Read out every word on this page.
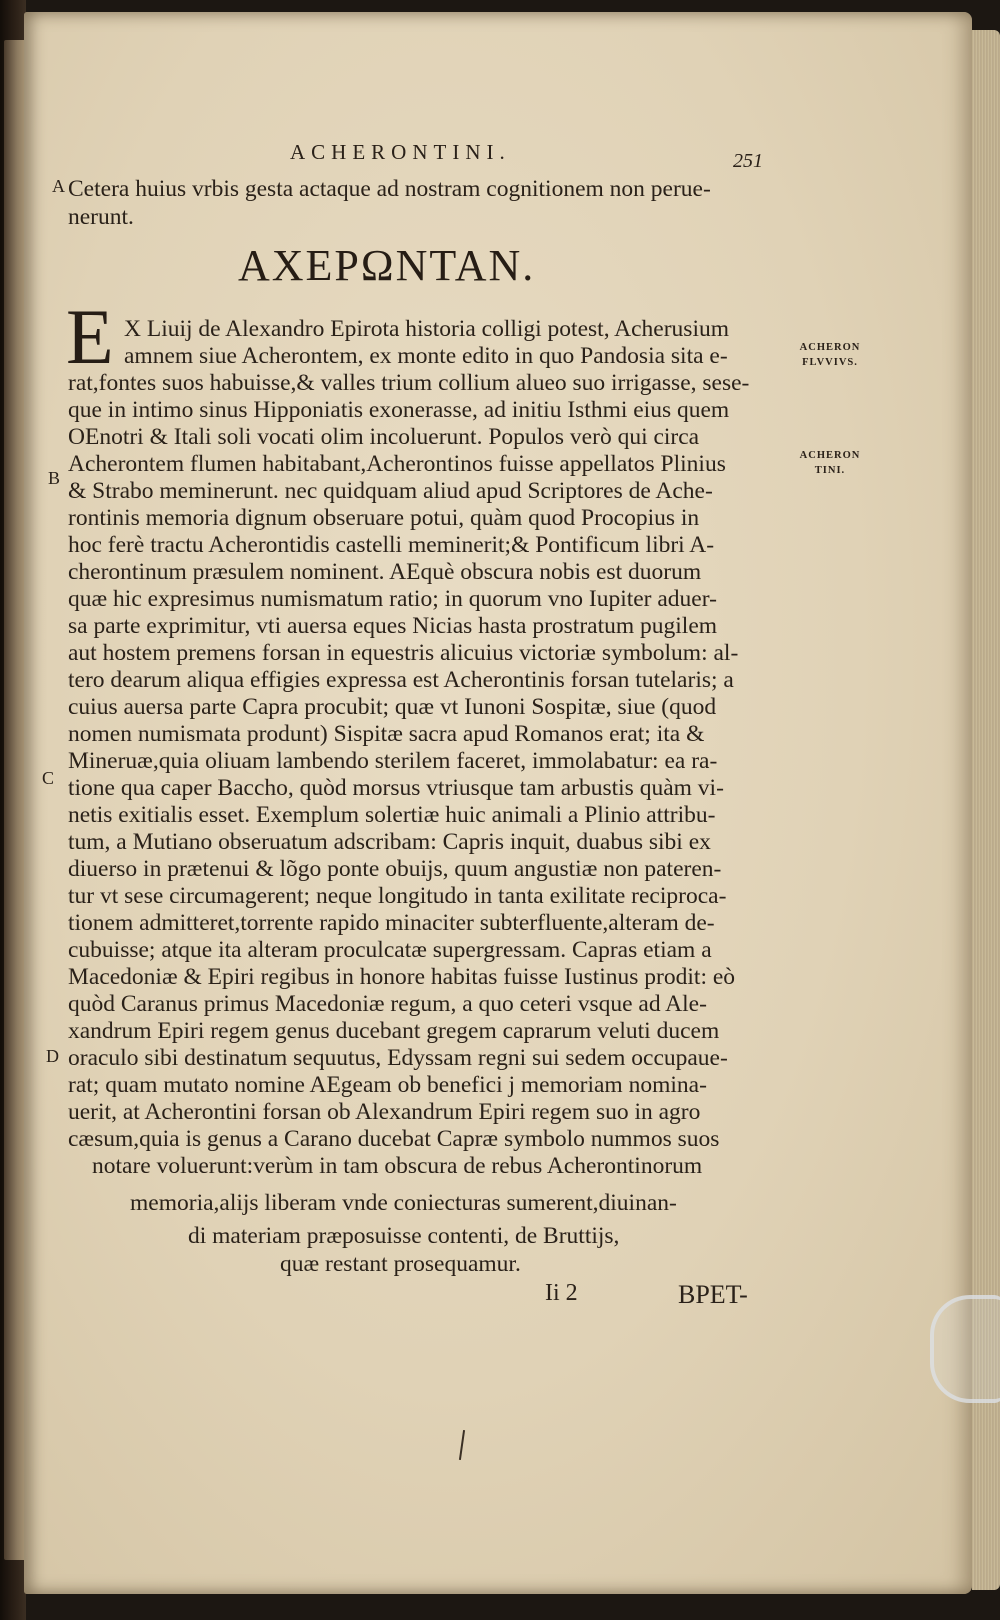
ACHERONTINI.	251
A
B
C
D
Cetera huius vrbis gesta actaque ad nostram cognitionem non perue-
nerunt.
ΑΧΕΡΩΝΤΑΝ.
E	ACHERON
FLVVIVS.
ACHERON
TINI.
X Liuij de Alexandro Epirota historia colligi potest, Acherusium
amnem siue Acherontem, ex monte edito in quo Pandosia sita e-
rat,fontes suos habuisse,& valles trium collium alueo suo irrigasse, sese-
que in intimo sinus Hipponiatis exonerasse, ad initiu Isthmi eius quem
OEnotri & Itali soli vocati olim incoluerunt. Populos verò qui circa
Acherontem flumen habitabant,Acherontinos fuisse appellatos Plinius
& Strabo meminerunt. nec quidquam aliud apud Scriptores de Ache-
rontinis memoria dignum obseruare potui, quàm quod Procopius in
hoc ferè tractu Acherontidis castelli meminerit;& Pontificum libri A-
cherontinum præsulem nominent. AEquè obscura nobis est duorum
quæ hic expresimus numismatum ratio; in quorum vno Iupiter aduer-
sa parte exprimitur, vti auersa eques Nicias hasta prostratum pugilem
aut hostem premens forsan in equestris alicuius victoriæ symbolum: al-
tero dearum aliqua effigies expressa est Acherontinis forsan tutelaris; a
cuius auersa parte Capra procubit; quæ vt Iunoni Sospitæ, siue (quod
nomen numismata produnt) Sispitæ sacra apud Romanos erat; ita &
Mineruæ,quia oliuam lambendo sterilem faceret, immolabatur: ea ra-
tione qua caper Baccho, quòd morsus vtriusque tam arbustis quàm vi-
netis exitialis esset. Exemplum solertiæ huic animali a Plinio attribu-
tum, a Mutiano obseruatum adscribam: Capris inquit, duabus sibi ex
diuerso in prætenui & lõgo ponte obuijs, quum angustiæ non pateren-
tur vt sese circumagerent; neque longitudo in tanta exilitate reciproca-
tionem admitteret,torrente rapido minaciter subterfluente,alteram de-
cubuisse; atque ita alteram proculcatæ supergressam. Capras etiam a
Macedoniæ & Epiri regibus in honore habitas fuisse Iustinus prodit: eò
quòd Caranus primus Macedoniæ regum, a quo ceteri vsque ad Ale-
xandrum Epiri regem genus ducebant gregem caprarum veluti ducem
oraculo sibi destinatum sequutus, Edyssam regni sui sedem occupaue-
rat; quam mutato nomine AEgeam ob benefici j memoriam nomina-
uerit, at Acherontini forsan ob Alexandrum Epiri regem suo in agro
cæsum,quia is genus a Carano ducebat Capræ symbolo nummos suos
notare voluerunt:verùm in tam obscura de rebus Acherontinorum
memoria,alijs liberam vnde coniecturas sumerent,diuinan-
di materiam præposuisse contenti, de Bruttijs,
quæ restant prosequamur.
Ii 2	BPET-
